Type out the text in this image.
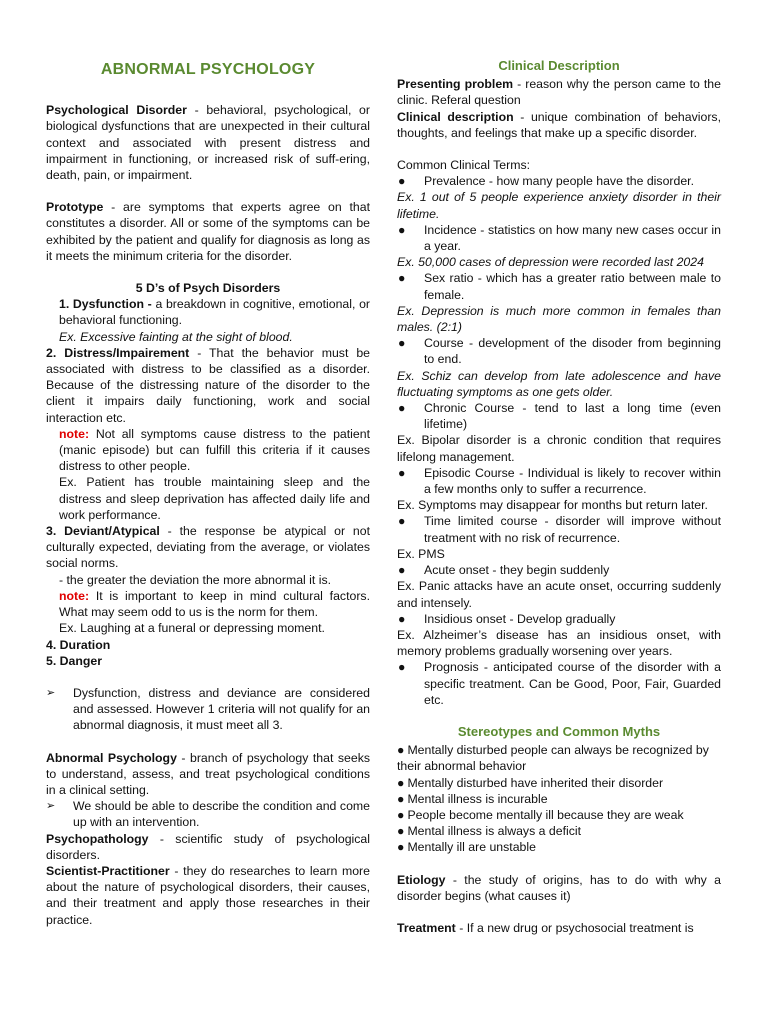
ABNORMAL PSYCHOLOGY

Psychological Disorder - behavioral, psychological, or biological dysfunctions that are unexpected in their cultural context and associated with present distress and impairment in functioning, or increased risk of suff-ering, death, pain, or impairment.

Prototype - are symptoms that experts agree on that constitutes a disorder. All or some of the symptoms can be exhibited by the patient and qualify for diagnosis as long as it meets the minimum criteria for the disorder.

5 D’s of Psych Disorders

1. Dysfunction - a breakdown in cognitive, emotional, or behavioral functioning.

Ex. Excessive fainting at the sight of blood.

2. Distress/Impairement - That the behavior must be associated with distress to be classified as a disorder. Because of the distressing nature of the disorder to the client it impairs daily functioning, work and social interaction etc.

note: Not all symptoms cause distress to the patient (manic episode) but can fulfill this criteria if it causes distress to other people.

Ex. Patient has trouble maintaining sleep and the distress and sleep deprivation has affected daily life and work performance.

3. Deviant/Atypical - the response be atypical or not culturally expected, deviating from the average, or violates social norms.

- the greater the deviation the more abnormal it is.

note: It is important to keep in mind cultural factors. What may seem odd to us is the norm for them.

Ex. Laughing at a funeral or depressing moment.

4. Duration

5. Danger

➢ Dysfunction, distress and deviance are considered and assessed. However 1 criteria will not qualify for an abnormal diagnosis, it must meet all 3.

Abnormal Psychology - branch of psychology that seeks to understand, assess, and treat psychological conditions in a clinical setting.

➢ We should be able to describe the condition and come up with an intervention.

Psychopathology - scientific study of psychological disorders.

Scientist-Practitioner - they do researches to learn more about the nature of psychological disorders, their causes, and their treatment and apply those researches in their practice.

Clinical Description

Presenting problem - reason why the person came to the clinic. Referal question

Clinical description - unique combination of behaviors, thoughts, and feelings that make up a specific disorder.

Common Clinical Terms:

● Prevalence - how many people have the disorder.

Ex. 1 out of 5 people experience anxiety disorder in their lifetime.

● Incidence - statistics on how many new cases occur in a year.

Ex. 50,000 cases of depression were recorded last 2024

● Sex ratio - which has a greater ratio between male to female.

Ex. Depression is much more common in females than males. (2:1)

● Course - development of the disoder from beginning to end.

Ex. Schiz can develop from late adolescence and have fluctuating symptoms as one gets older.

● Chronic Course - tend to last a long time (even lifetime)

Ex. Bipolar disorder is a chronic condition that requires lifelong management.

● Episodic Course - Individual is likely to recover within a few months only to suffer a recurrence.

Ex. Symptoms may disappear for months but return later.

● Time limited course - disorder will improve without treatment with no risk of recurrence.

Ex. PMS

● Acute onset - they begin suddenly

Ex. Panic attacks have an acute onset, occurring suddenly and intensely.

● Insidious onset - Develop gradually

Ex. Alzheimer’s disease has an insidious onset, with memory problems gradually worsening over years.

● Prognosis - anticipated course of the disorder with a specific treatment. Can be Good, Poor, Fair, Guarded etc.
Stereotypes and Common Myths

● Mentally disturbed people can always be recognized by their abnormal behavior

● Mentally disturbed have inherited their disorder

● Mental illness is incurable

● People become mentally ill because they are weak

● Mental illness is always a deficit

● Mentally ill are unstable

Etiology - the study of origins, has to do with why a disorder begins (what causes it)

Treatment - If a new drug or psychosocial treatment is
